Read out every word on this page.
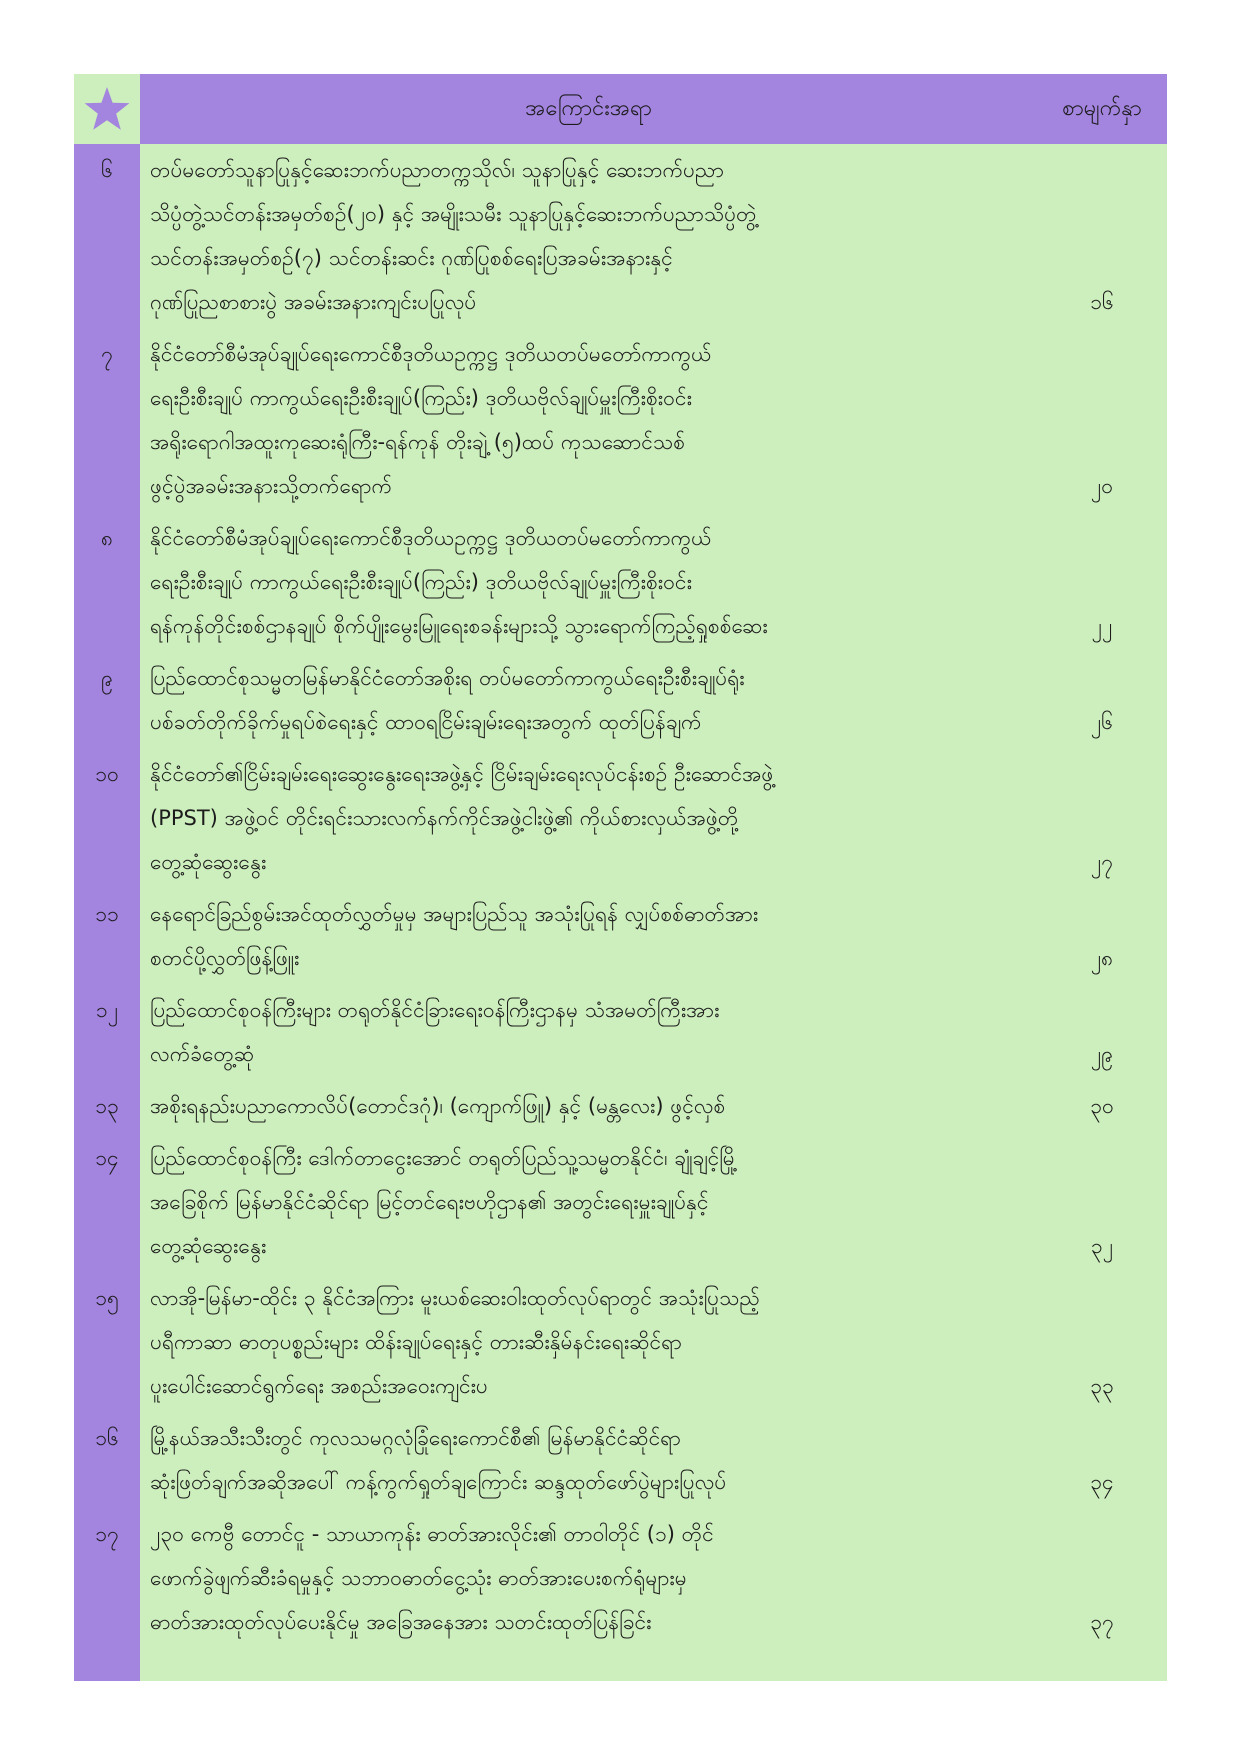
အကြောင်းအရာ	စာမျက်နှာ
၆	တပ်မတော်သူနာပြုနှင့်ဆေးဘက်ပညာတက္ကသိုလ်၊ သူနာပြုနှင့် ဆေးဘက်ပညာ
သိပ္ပံတွဲ့သင်တန်းအမှတ်စဉ်(၂၀) နှင့် အမျိုးသမီး သူနာပြုနှင့်ဆေးဘက်ပညာသိပ္ပံတွဲ့
သင်တန်းအမှတ်စဉ်(၇) သင်တန်းဆင်း ဂုဏ်ပြုစစ်ရေးပြအခမ်းအနားနှင့်
ဂုဏ်ပြုညစာစားပွဲ အခမ်းအနားကျင်းပပြုလုပ်	၁၆
၇	နိုင်ငံတော်စီမံအုပ်ချုပ်ရေးကောင်စီဒုတိယဥက္ကဋ္ဌ ဒုတိယတပ်မတော်ကာကွယ်
ရေးဦးစီးချုပ် ကာကွယ်ရေးဦးစီးချုပ်(ကြည်း) ဒုတိယဗိုလ်ချုပ်မှူးကြီးစိုးဝင်း
အရိုးရောဂါအထူးကုဆေးရုံကြီး-ရန်ကုန် တိုးချဲ့ (၅)ထပ် ကုသဆောင်သစ်
ဖွင့်ပွဲအခမ်းအနားသို့တက်ရောက်	၂၀
၈	နိုင်ငံတော်စီမံအုပ်ချုပ်ရေးကောင်စီဒုတိယဥက္ကဋ္ဌ ဒုတိယတပ်မတော်ကာကွယ်
ရေးဦးစီးချုပ် ကာကွယ်ရေးဦးစီးချုပ်(ကြည်း) ဒုတိယဗိုလ်ချုပ်မှူးကြီးစိုးဝင်း
ရန်ကုန်တိုင်းစစ်ဌာနချုပ် စိုက်ပျိုးမွေးမြူရေးစခန်းများသို့ သွားရောက်ကြည့်ရှုစစ်ဆေး	၂၂
၉	ပြည်ထောင်စုသမ္မတမြန်မာနိုင်ငံတော်အစိုးရ တပ်မတော်ကာကွယ်ရေးဦးစီးချုပ်ရုံး
ပစ်ခတ်တိုက်ခိုက်မှုရပ်စဲရေးနှင့် ထာဝရငြိမ်းချမ်းရေးအတွက် ထုတ်ပြန်ချက်	၂၆
၁၀	နိုင်ငံတော်၏ငြိမ်းချမ်းရေးဆွေးနွေးရေးအဖွဲ့နှင့် ငြိမ်းချမ်းရေးလုပ်ငန်းစဉ် ဦးဆောင်အဖွဲ့
(PPST) အဖွဲ့ဝင် တိုင်းရင်းသားလက်နက်ကိုင်အဖွဲ့ငါးဖွဲ့၏ ကိုယ်စားလှယ်အဖွဲ့တို့
တွေ့ဆုံဆွေးနွေး	၂၇
၁၁	နေရောင်ခြည်စွမ်းအင်ထုတ်လွှတ်မှုမှ အများပြည်သူ အသုံးပြုရန် လျှပ်စစ်ဓာတ်အား
စတင်ပို့လွှတ်ဖြန့်ဖြူး	၂၈
၁၂	ပြည်ထောင်စုဝန်ကြီးများ တရုတ်နိုင်ငံခြားရေးဝန်ကြီးဌာနမှ သံအမတ်ကြီးအား
လက်ခံတွေ့ဆုံ	၂၉
၁၃	အစိုးရနည်းပညာကောလိပ်(တောင်ဒဂုံ)၊ (ကျောက်ဖြူ) နှင့် (မန္တလေး) ဖွင့်လှစ်	၃၀
၁၄	ပြည်ထောင်စုဝန်ကြီး ဒေါက်တာငွေးအောင် တရုတ်ပြည်သူ့သမ္မတနိုင်ငံ၊ ချုံချင့်မြို့
အခြေစိုက် မြန်မာနိုင်ငံဆိုင်ရာ မြင့်တင်ရေးဗဟိုဌာန၏ အတွင်းရေးမှူးချုပ်နှင့်
တွေ့ဆုံဆွေးနွေး	၃၂
၁၅	လာအို-မြန်မာ-ထိုင်း ၃ နိုင်ငံအကြား မူးယစ်ဆေးဝါးထုတ်လုပ်ရာတွင် အသုံးပြုသည့်
ပရီကာဆာ ဓာတုပစ္စည်းများ ထိန်းချုပ်ရေးနှင့် တားဆီးနှိမ်နင်းရေးဆိုင်ရာ
ပူးပေါင်းဆောင်ရွက်ရေး အစည်းအဝေးကျင်းပ	၃၃
၁၆	မြို့နယ်အသီးသီးတွင် ကုလသမဂ္ဂလုံခြုံရေးကောင်စီ၏ မြန်မာနိုင်ငံဆိုင်ရာ
ဆုံးဖြတ်ချက်အဆိုအပေါ် ကန့်ကွက်ရှုတ်ချကြောင်း ဆန္ဒထုတ်ဖော်ပွဲများပြုလုပ်	၃၄
၁၇	၂၃၀ ကေဗွီ တောင်ငူ - သာယာကုန်း ဓာတ်အားလိုင်း၏ တာဝါတိုင် (၁) တိုင်
ဖောက်ခွဲဖျက်ဆီးခံရမှုနှင့် သဘာဝဓာတ်ငွေ့သုံး ဓာတ်အားပေးစက်ရုံများမှ
ဓာတ်အားထုတ်လုပ်ပေးနိုင်မှု အခြေအနေအား သတင်းထုတ်ပြန်ခြင်း	၃၇
